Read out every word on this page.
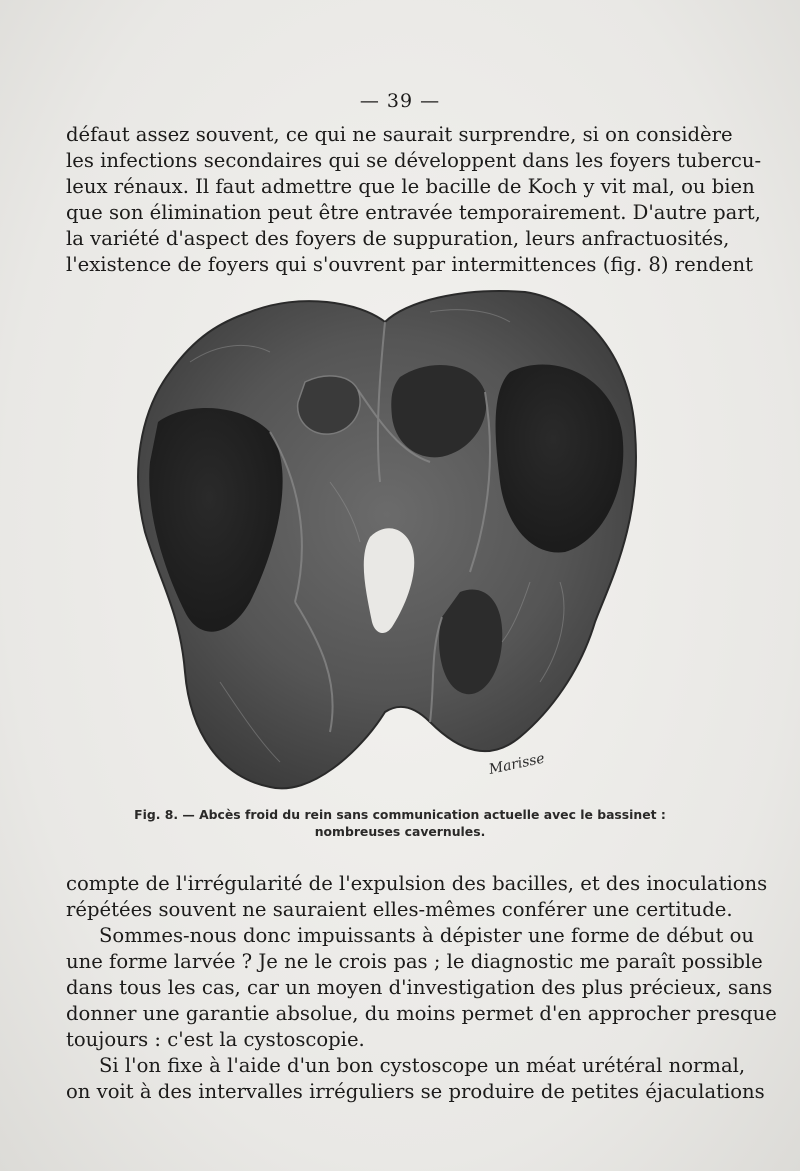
— 39 —
défaut assez souvent, ce qui ne saurait surprendre, si on considère
les infections secondaires qui se développent dans les foyers tubercu-
leux rénaux. Il faut admettre que le bacille de Koch y vit mal, ou bien
que son élimination peut être entravée temporairement. D'autre part,
la variété d'aspect des foyers de suppuration, leurs anfractuosités,
l'existence de foyers qui s'ouvrent par intermittences (fig. 8) rendent
Marisse
Fig. 8. — Abcès froid du rein sans communication actuelle avec le bassinet :
nombreuses cavernules.
compte de l'irrégularité de l'expulsion des bacilles, et des inoculations
répétées souvent ne sauraient elles-mêmes conférer une certitude.
Sommes-nous donc impuissants à dépister une forme de début ou
une forme larvée ? Je ne le crois pas ; le diagnostic me paraît possible
dans tous les cas, car un moyen d'investigation des plus précieux, sans
donner une garantie absolue, du moins permet d'en approcher presque
toujours : c'est la cystoscopie.
Si l'on fixe à l'aide d'un bon cystoscope un méat urétéral normal,
on voit à des intervalles irréguliers se produire de petites éjaculations
